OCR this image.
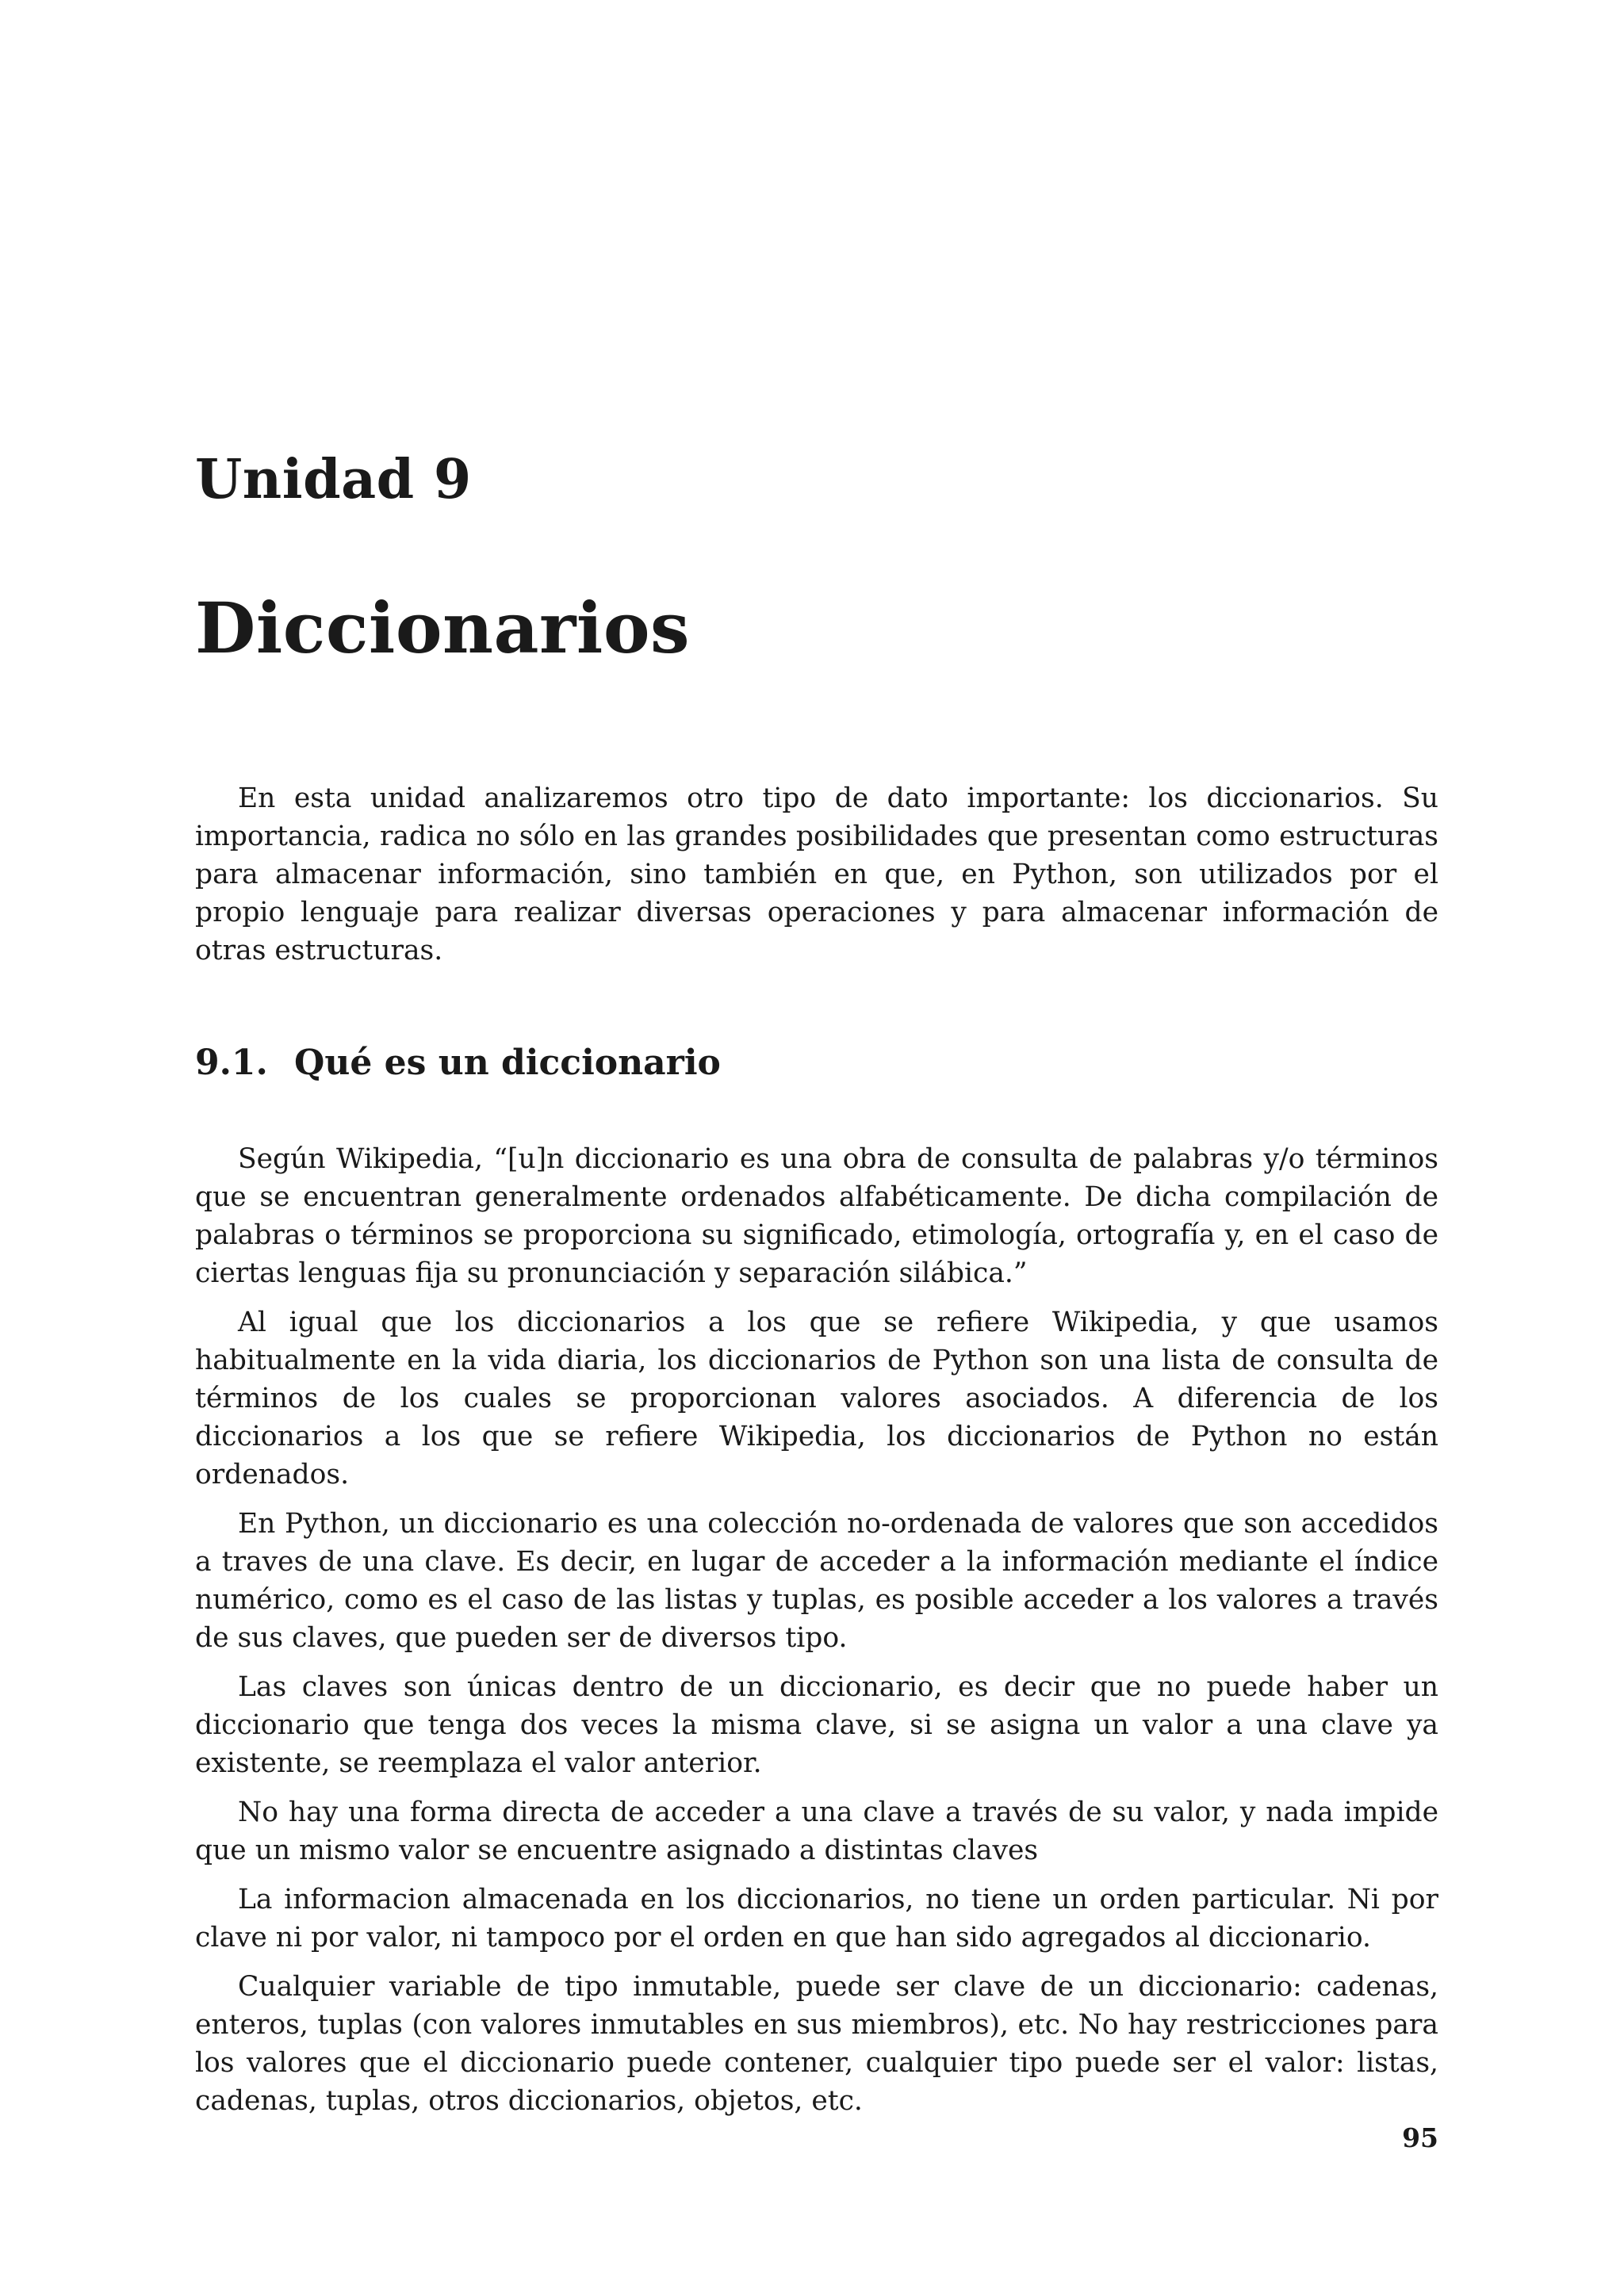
Unidad 9
Diccionarios

En esta unidad analizaremos otro tipo de dato importante: los diccionarios. Su importancia, radica no sólo en las grandes posibilidades que presentan como estructuras para almacenar información, sino también en que, en Python, son utilizados por el propio lenguaje para realizar diversas operaciones y para almacenar información de otras estructuras.

9.1. Qué es un diccionario

Según Wikipedia, “[u]n diccionario es una obra de consulta de palabras y/o términos que se encuentran generalmente ordenados alfabéticamente. De dicha compilación de palabras o términos se proporciona su significado, etimología, ortografía y, en el caso de ciertas lenguas fija su pronunciación y separación silábica.”

Al igual que los diccionarios a los que se refiere Wikipedia, y que usamos habitualmente en la vida diaria, los diccionarios de Python son una lista de consulta de términos de los cuales se proporcionan valores asociados. A diferencia de los diccionarios a los que se refiere Wikipedia, los diccionarios de Python no están ordenados.

En Python, un diccionario es una colección no-ordenada de valores que son accedidos a traves de una clave. Es decir, en lugar de acceder a la información mediante el índice numérico, como es el caso de las listas y tuplas, es posible acceder a los valores a través de sus claves, que pueden ser de diversos tipo.

Las claves son únicas dentro de un diccionario, es decir que no puede haber un diccionario que tenga dos veces la misma clave, si se asigna un valor a una clave ya existente, se reemplaza el valor anterior.

No hay una forma directa de acceder a una clave a través de su valor, y nada impide que un mismo valor se encuentre asignado a distintas claves

La informacion almacenada en los diccionarios, no tiene un orden particular. Ni por clave ni por valor, ni tampoco por el orden en que han sido agregados al diccionario.

Cualquier variable de tipo inmutable, puede ser clave de un diccionario: cadenas, enteros, tuplas (con valores inmutables en sus miembros), etc. No hay restricciones para los valores que el diccionario puede contener, cualquier tipo puede ser el valor: listas, cadenas, tuplas, otros diccionarios, objetos, etc.

95
